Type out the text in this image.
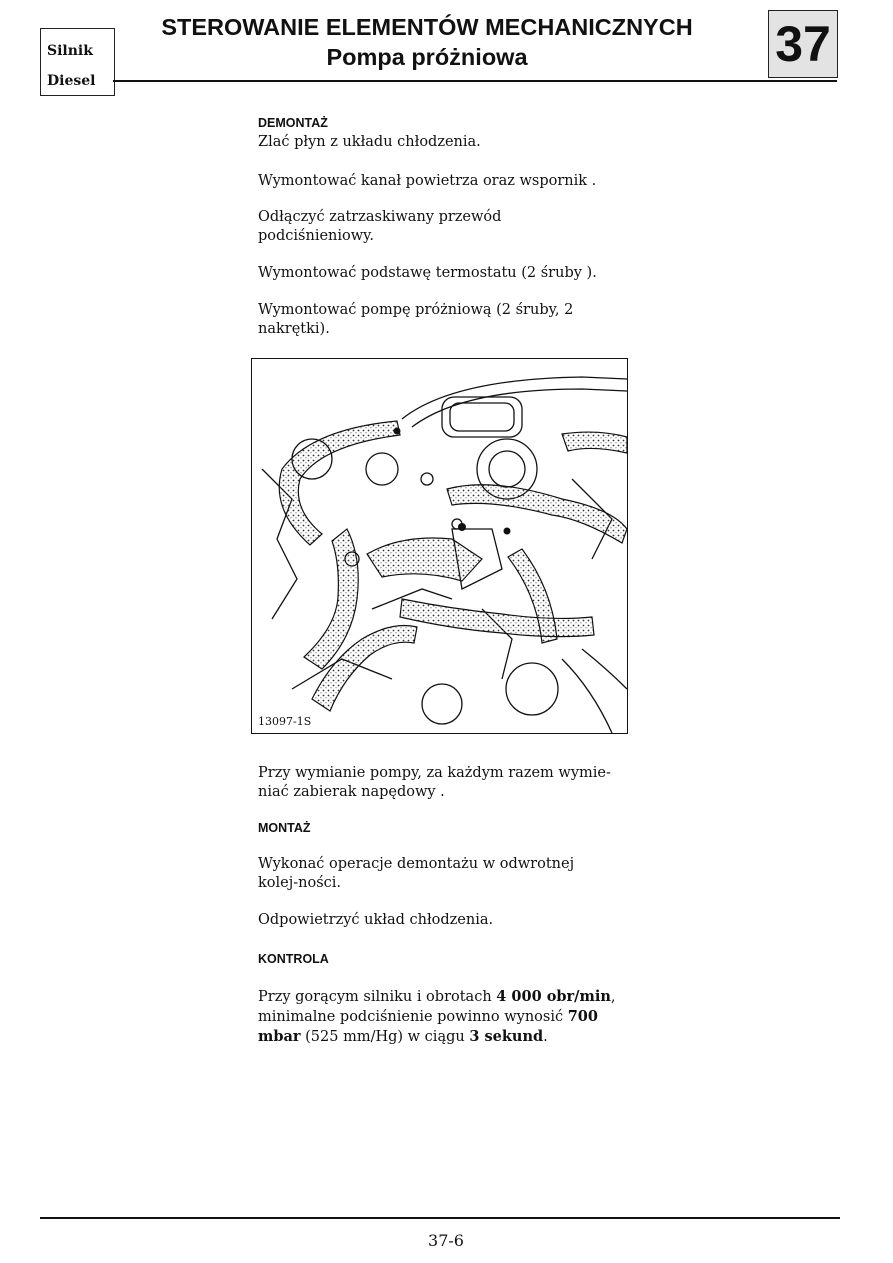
Silnik
Diesel
STEROWANIE ELEMENTÓW MECHANICZNYCH
Pompa próżniowa	37
DEMONTAŻ
Zlać płyn z układu chłodzenia.
Wymontować kanał powietrza oraz wspornik .
Odłączyć zatrzaskiwany przewód podciśnieniowy.
Wymontować podstawę termostatu (2 śruby ).
Wymontować pompę próżniową (2 śruby, 2 nakrętki).
13097-1S
Przy wymianie pompy, za każdym razem wymie-niać zabierak napędowy .
MONTAŻ
Wykonać operacje demontażu w odwrotnej kolej-ności.
Odpowietrzyć układ chłodzenia.
KONTROLA
Przy gorącym silniku i obrotach 4 000 obr/min, minimalne podciśnienie powinno wynosić 700 mbar (525 mm/Hg) w ciągu 3 sekund.
37-6
